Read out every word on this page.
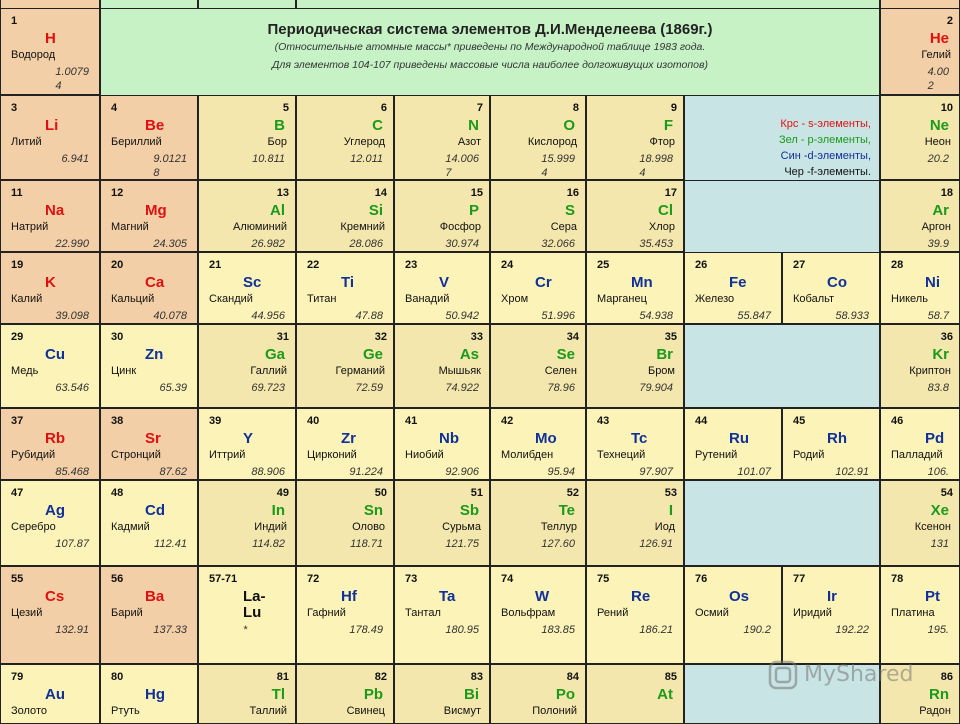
Периодическая система элементов Д.И.Менделеева (1869г.)
(Относительные атомные массы* приведены по Международной таблице 1983 года.
Для элементов 104-107 приведены массовые числа наиболее долгоживущих изотопов)
Крс - s-элементы,
Зел - p-элементы,
Син -d-элементы,
Чер -f-элементы.
1
H
Водород
1.0079
4
2
He
Гелий
4.00
2
3
Li
Литий
6.941
4
Be
Бериллий
9.0121
8
5
B
Бор
10.811
6
C
Углерод
12.011
7
N
Азот
14.006
7
8
O
Кислород
15.999
4
9
F
Фтор
18.998
4
10
Ne
Неон
20.2
11
Na
Натрий
22.990
12
Mg
Магний
24.305
13
Al
Алюминий
26.982
14
Si
Кремний
28.086
15
P
Фосфор
30.974
16
S
Сера
32.066
17
Cl
Хлор
35.453
18
Ar
Аргон
39.9
19
K
Калий
39.098
20
Ca
Кальций
40.078
21
Sc
Скандий
44.956
22
Ti
Титан
47.88
23
V
Ванадий
50.942
24
Cr
Хром
51.996
25
Mn
Марганец
54.938
26
Fe
Железо
55.847
27
Co
Кобальт
58.933
28
Ni
Никель
58.7
29
Cu
Медь
63.546
30
Zn
Цинк
65.39
31
Ga
Галлий
69.723
32
Ge
Германий
72.59
33
As
Мышьяк
74.922
34
Se
Селен
78.96
35
Br
Бром
79.904
36
Kr
Криптон
83.8
37
Rb
Рубидий
85.468
38
Sr
Стронций
87.62
39
Y
Иттрий
88.906
40
Zr
Цирконий
91.224
41
Nb
Ниобий
92.906
42
Mo
Молибден
95.94
43
Tc
Технеций
97.907
44
Ru
Рутений
101.07
45
Rh
Родий
102.91
46
Pd
Палладий
106.
47
Ag
Серебро
107.87
48
Cd
Кадмий
112.41
49
In
Индий
114.82
50
Sn
Олово
118.71
51
Sb
Сурьма
121.75
52
Te
Теллур
127.60
53
I
Иод
126.91
54
Xe
Ксенон
131
55
Cs
Цезий
132.91
56
Ba
Барий
137.33
57-71
La-
Lu
*
72
Hf
Гафний
178.49
73
Ta
Тантал
180.95
74
W
Вольфрам
183.85
75
Re
Рений
186.21
76
Os
Осмий
190.2
77
Ir
Иридий
192.22
78
Pt
Платина
195.
79
Au
Золото
80
Hg
Ртуть
81
Tl
Таллий
82
Pb
Свинец
83
Bi
Висмут
84
Po
Полоний
85
At
86
Rn
Радон
MyShared
